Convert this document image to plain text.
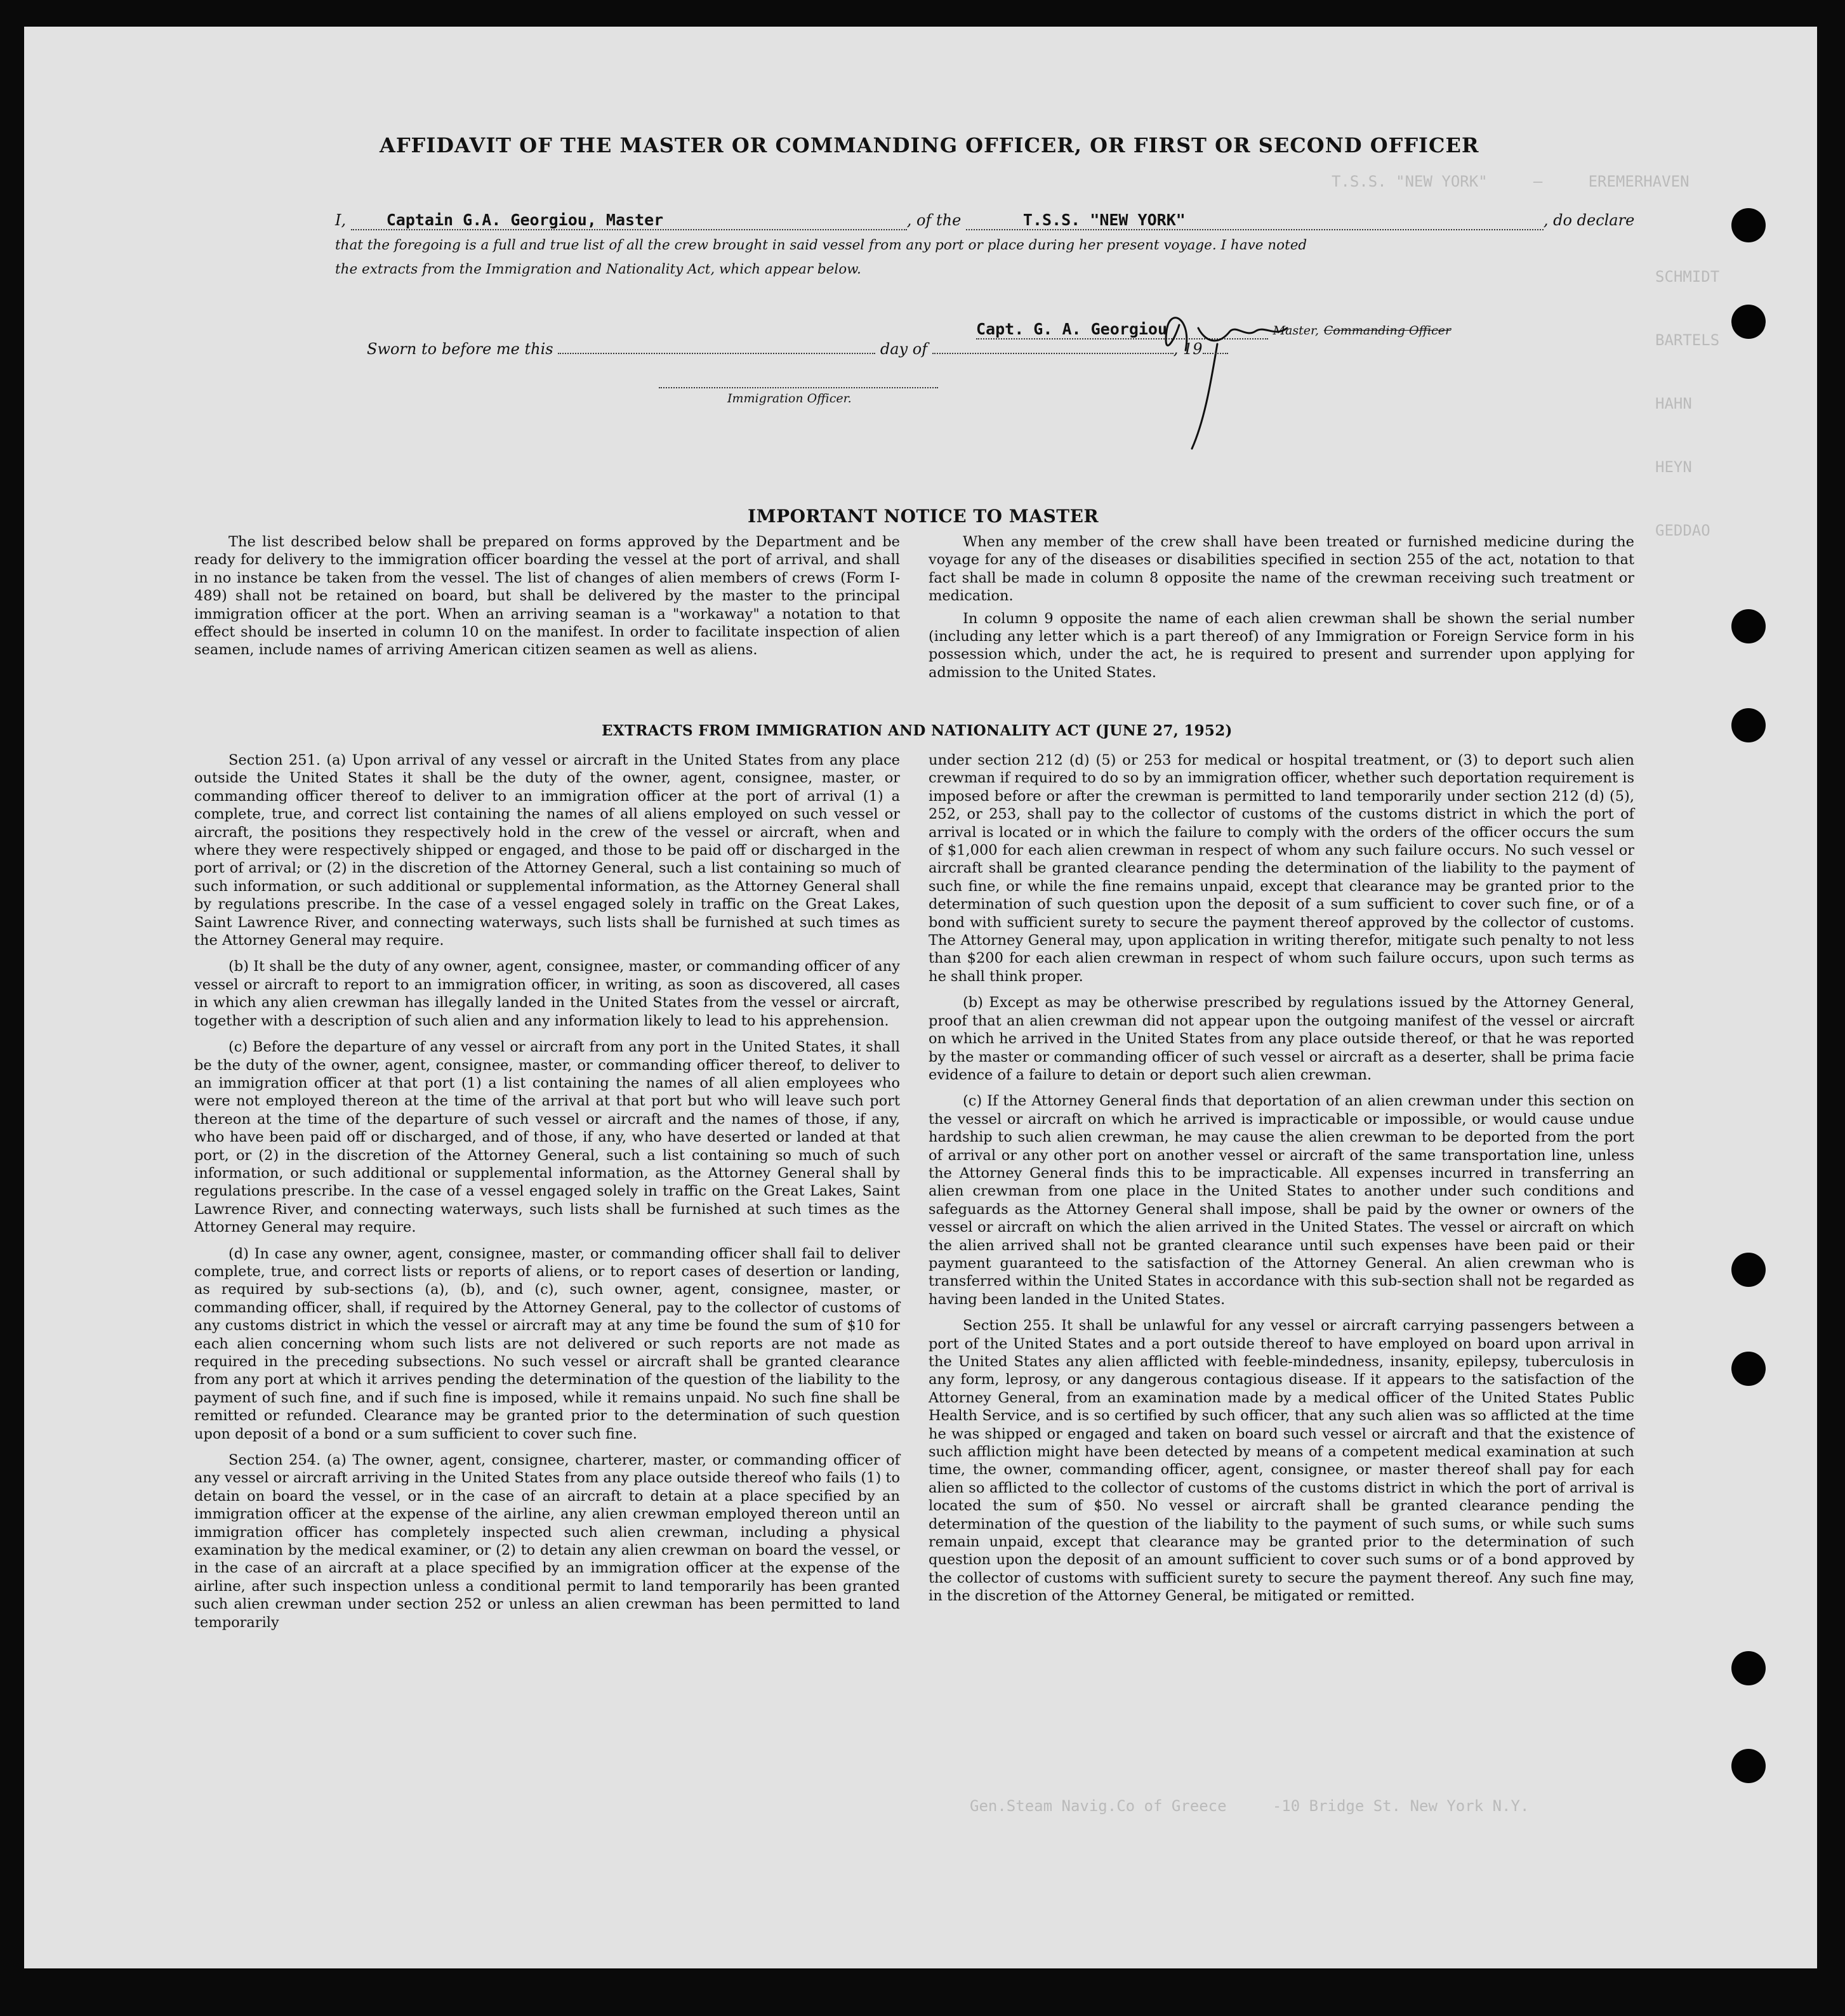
T.S.S. "NEW YORK"     —     EREMERHAVEN
SCHMIDT
BARTELS
HAHN
HEYN
GEDDAO
Gen.Steam Navig.Co of Greece     -10 Bridge St. New York N.Y.
AFFIDAVIT OF THE MASTER OR COMMANDING OFFICER, OR FIRST OR SECOND OFFICER
I,	Captain G.A. Georgiou, Master	, of the	T.S.S. "NEW YORK"	, do declare
that the foregoing is a full and true list of all the crew brought in said vessel from any port or place during her present voyage. I have noted
the extracts from the Immigration and Nationality Act, which appear below.
Capt. G. A. Georgiou	Master, Commanding Officer
Sworn to before me this	day of	, 19
Immigration Officer.
IMPORTANT NOTICE TO MASTER

The list described below shall be prepared on forms approved by the Department and be ready for delivery to the immigration officer boarding the vessel at the port of arrival, and shall in no instance be taken from the vessel. The list of changes of alien members of crews (Form I-489) shall not be retained on board, but shall be delivered by the master to the principal immigration officer at the port. When an arriving seaman is a "workaway" a notation to that effect should be inserted in column 10 on the manifest. In order to facilitate inspection of alien seamen, include names of arriving American citizen seamen as well as aliens.

When any member of the crew shall have been treated or furnished medicine during the voyage for any of the diseases or disabilities specified in section 255 of the act, notation to that fact shall be made in column 8 opposite the name of the crewman receiving such treatment or medication.

In column 9 opposite the name of each alien crewman shall be shown the serial number (including any letter which is a part thereof) of any Immigration or Foreign Service form in his possession which, under the act, he is required to present and surrender upon applying for admission to the United States.

EXTRACTS FROM IMMIGRATION AND NATIONALITY ACT (JUNE 27, 1952)

Section 251. (a) Upon arrival of any vessel or aircraft in the United States from any place outside the United States it shall be the duty of the owner, agent, consignee, master, or commanding officer thereof to deliver to an immigration officer at the port of arrival (1) a complete, true, and correct list containing the names of all aliens employed on such vessel or aircraft, the positions they respectively hold in the crew of the vessel or aircraft, when and where they were respectively shipped or engaged, and those to be paid off or discharged in the port of arrival; or (2) in the discretion of the Attorney General, such a list containing so much of such information, or such additional or supplemental information, as the Attorney General shall by regulations prescribe. In the case of a vessel engaged solely in traffic on the Great Lakes, Saint Lawrence River, and connecting waterways, such lists shall be furnished at such times as the Attorney General may require.

(b) It shall be the duty of any owner, agent, consignee, master, or commanding officer of any vessel or aircraft to report to an immigration officer, in writing, as soon as discovered, all cases in which any alien crewman has illegally landed in the United States from the vessel or aircraft, together with a description of such alien and any information likely to lead to his apprehension.

(c) Before the departure of any vessel or aircraft from any port in the United States, it shall be the duty of the owner, agent, consignee, master, or commanding officer thereof, to deliver to an immigration officer at that port (1) a list containing the names of all alien employees who were not employed thereon at the time of the arrival at that port but who will leave such port thereon at the time of the departure of such vessel or aircraft and the names of those, if any, who have been paid off or discharged, and of those, if any, who have deserted or landed at that port, or (2) in the discretion of the Attorney General, such a list containing so much of such information, or such additional or supplemental information, as the Attorney General shall by regulations prescribe. In the case of a vessel engaged solely in traffic on the Great Lakes, Saint Lawrence River, and connecting waterways, such lists shall be furnished at such times as the Attorney General may require.

(d) In case any owner, agent, consignee, master, or commanding officer shall fail to deliver complete, true, and correct lists or reports of aliens, or to report cases of desertion or landing, as required by sub-sections (a), (b), and (c), such owner, agent, consignee, master, or commanding officer, shall, if required by the Attorney General, pay to the collector of customs of any customs district in which the vessel or aircraft may at any time be found the sum of $10 for each alien concerning whom such lists are not delivered or such reports are not made as required in the preceding subsections. No such vessel or aircraft shall be granted clearance from any port at which it arrives pending the determination of the question of the liability to the payment of such fine, and if such fine is imposed, while it remains unpaid. No such fine shall be remitted or refunded. Clearance may be granted prior to the determination of such question upon deposit of a bond or a sum sufficient to cover such fine.

Section 254. (a) The owner, agent, consignee, charterer, master, or commanding officer of any vessel or aircraft arriving in the United States from any place outside thereof who fails (1) to detain on board the vessel, or in the case of an aircraft to detain at a place specified by an immigration officer at the expense of the airline, any alien crewman employed thereon until an immigration officer has completely inspected such alien crewman, including a physical examination by the medical examiner, or (2) to detain any alien crewman on board the vessel, or in the case of an aircraft at a place specified by an immigration officer at the expense of the airline, after such inspection unless a conditional permit to land temporarily has been granted such alien crewman under section 252 or unless an alien crewman has been permitted to land temporarily

under section 212 (d) (5) or 253 for medical or hospital treatment, or (3) to deport such alien crewman if required to do so by an immigration officer, whether such deportation requirement is imposed before or after the crewman is permitted to land temporarily under section 212 (d) (5), 252, or 253, shall pay to the collector of customs of the customs district in which the port of arrival is located or in which the failure to comply with the orders of the officer occurs the sum of $1,000 for each alien crewman in respect of whom any such failure occurs. No such vessel or aircraft shall be granted clearance pending the determination of the liability to the payment of such fine, or while the fine remains unpaid, except that clearance may be granted prior to the determination of such question upon the deposit of a sum sufficient to cover such fine, or of a bond with sufficient surety to secure the payment thereof approved by the collector of customs. The Attorney General may, upon application in writing therefor, mitigate such penalty to not less than $200 for each alien crewman in respect of whom such failure occurs, upon such terms as he shall think proper.

(b) Except as may be otherwise prescribed by regulations issued by the Attorney General, proof that an alien crewman did not appear upon the outgoing manifest of the vessel or aircraft on which he arrived in the United States from any place outside thereof, or that he was reported by the master or commanding officer of such vessel or aircraft as a deserter, shall be prima facie evidence of a failure to detain or deport such alien crewman.

(c) If the Attorney General finds that deportation of an alien crewman under this section on the vessel or aircraft on which he arrived is impracticable or impossible, or would cause undue hardship to such alien crewman, he may cause the alien crewman to be deported from the port of arrival or any other port on another vessel or aircraft of the same transportation line, unless the Attorney General finds this to be impracticable. All expenses incurred in transferring an alien crewman from one place in the United States to another under such conditions and safeguards as the Attorney General shall impose, shall be paid by the owner or owners of the vessel or aircraft on which the alien arrived in the United States. The vessel or aircraft on which the alien arrived shall not be granted clearance until such expenses have been paid or their payment guaranteed to the satisfaction of the Attorney General. An alien crewman who is transferred within the United States in accordance with this sub-section shall not be regarded as having been landed in the United States.

Section 255. It shall be unlawful for any vessel or aircraft carrying passengers between a port of the United States and a port outside thereof to have employed on board upon arrival in the United States any alien afflicted with feeble-mindedness, insanity, epilepsy, tuberculosis in any form, leprosy, or any dangerous contagious disease. If it appears to the satisfaction of the Attorney General, from an examination made by a medical officer of the United States Public Health Service, and is so certified by such officer, that any such alien was so afflicted at the time he was shipped or engaged and taken on board such vessel or aircraft and that the existence of such affliction might have been detected by means of a competent medical examination at such time, the owner, commanding officer, agent, consignee, or master thereof shall pay for each alien so afflicted to the collector of customs of the customs district in which the port of arrival is located the sum of $50. No vessel or aircraft shall be granted clearance pending the determination of the question of the liability to the payment of such sums, or while such sums remain unpaid, except that clearance may be granted prior to the determination of such question upon the deposit of an amount sufficient to cover such sums or of a bond approved by the collector of customs with sufficient surety to secure the payment thereof. Any such fine may, in the discretion of the Attorney General, be mitigated or remitted.
